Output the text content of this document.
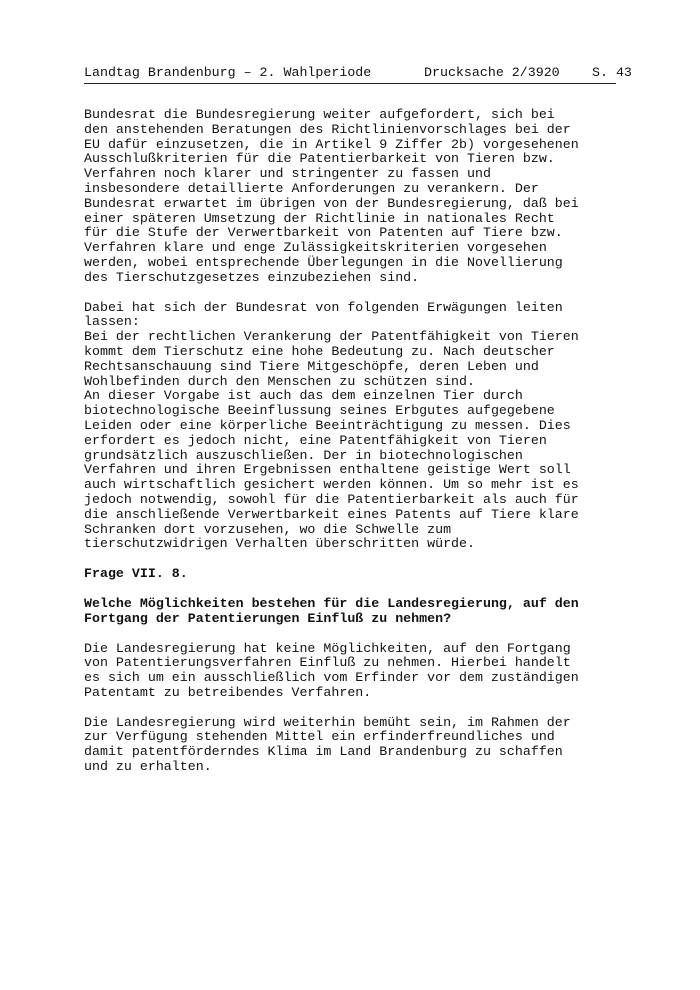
Landtag Brandenburg – 2. Wahlperiode

	Drucksache 2/3920

S. 43

Bundesrat die Bundesregierung weiter aufgefordert, sich bei
den anstehenden Beratungen des Richtlinienvorschlages bei der
EU dafür einzusetzen, die in Artikel 9 Ziffer 2b) vorgesehenen
Ausschlußkriterien für die Patentierbarkeit von Tieren bzw.
Verfahren noch klarer und stringenter zu fassen und
insbesondere detaillierte Anforderungen zu verankern. Der
Bundesrat erwartet im übrigen von der Bundesregierung, daß bei
einer späteren Umsetzung der Richtlinie in nationales Recht
für die Stufe der Verwertbarkeit von Patenten auf Tiere bzw.
Verfahren klare und enge Zulässigkeitskriterien vorgesehen
werden, wobei entsprechende Überlegungen in die Novellierung
des Tierschutzgesetzes einzubeziehen sind.
Dabei hat sich der Bundesrat von folgenden Erwägungen leiten
lassen:
Bei der rechtlichen Verankerung der Patentfähigkeit von Tieren
kommt dem Tierschutz eine hohe Bedeutung zu. Nach deutscher
Rechtsanschauung sind Tiere Mitgeschöpfe, deren Leben und
Wohlbefinden durch den Menschen zu schützen sind.
An dieser Vorgabe ist auch das dem einzelnen Tier durch
biotechnologische Beeinflussung seines Erbgutes aufgegebene
Leiden oder eine körperliche Beeinträchtigung zu messen. Dies
erfordert es jedoch nicht, eine Patentfähigkeit von Tieren
grundsätzlich auszuschließen. Der in biotechnologischen
Verfahren und ihren Ergebnissen enthaltene geistige Wert soll
auch wirtschaftlich gesichert werden können. Um so mehr ist es
jedoch notwendig, sowohl für die Patentierbarkeit als auch für
die anschließende Verwertbarkeit eines Patents auf Tiere klare
Schranken dort vorzusehen, wo die Schwelle zum
tierschutzwidrigen Verhalten überschritten würde.
Frage VII. 8.
Welche Möglichkeiten bestehen für die Landesregierung, auf den
Fortgang der Patentierungen Einfluß zu nehmen?
Die Landesregierung hat keine Möglichkeiten, auf den Fortgang
von Patentierungsverfahren Einfluß zu nehmen. Hierbei handelt
es sich um ein ausschließlich vom Erfinder vor dem zuständigen
Patentamt zu betreibendes Verfahren.
Die Landesregierung wird weiterhin bemüht sein, im Rahmen der
zur Verfügung stehenden Mittel ein erfinderfreundliches und
damit patentförderndes Klima im Land Brandenburg zu schaffen
und zu erhalten.
